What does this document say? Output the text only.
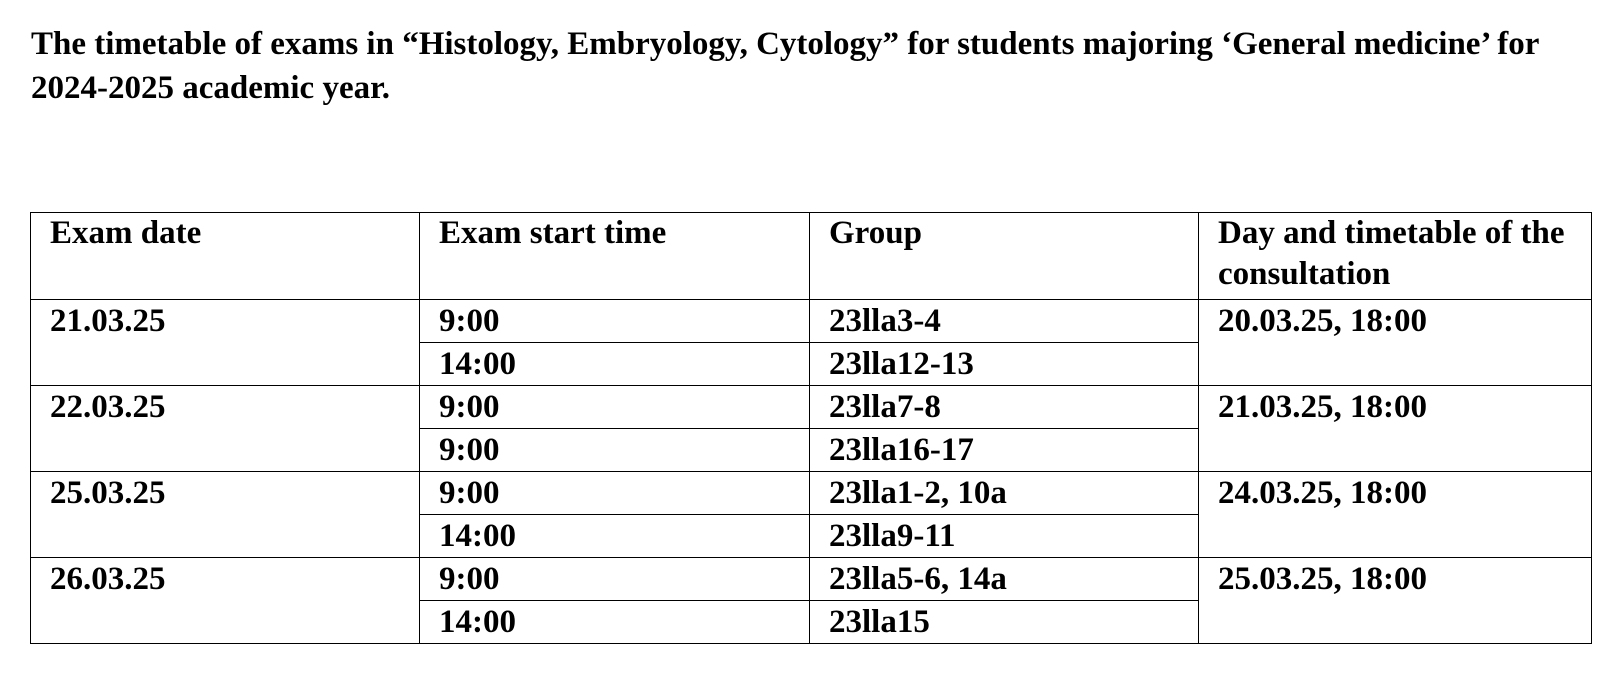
The timetable of exams in “Histology, Embryology, Cytology” for students majoring ‘General medicine’ for 2024-2025 academic year.

Exam date	Exam start time	Group	Day and timetable of the consultation
21.03.25	9:00	23lla3-4	20.03.25, 18:00
	14:00	23lla12-13	
22.03.25	9:00	23lla7-8	21.03.25, 18:00
	9:00	23lla16-17	
25.03.25	9:00	23lla1-2, 10a	24.03.25, 18:00
	14:00	23lla9-11	
26.03.25	9:00	23lla5-6, 14a	25.03.25, 18:00
	14:00	23lla15	
